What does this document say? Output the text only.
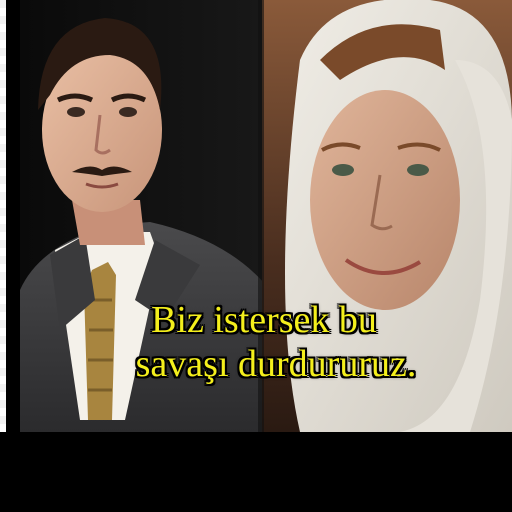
Biz istersek bu
savaşı durdururuz.
